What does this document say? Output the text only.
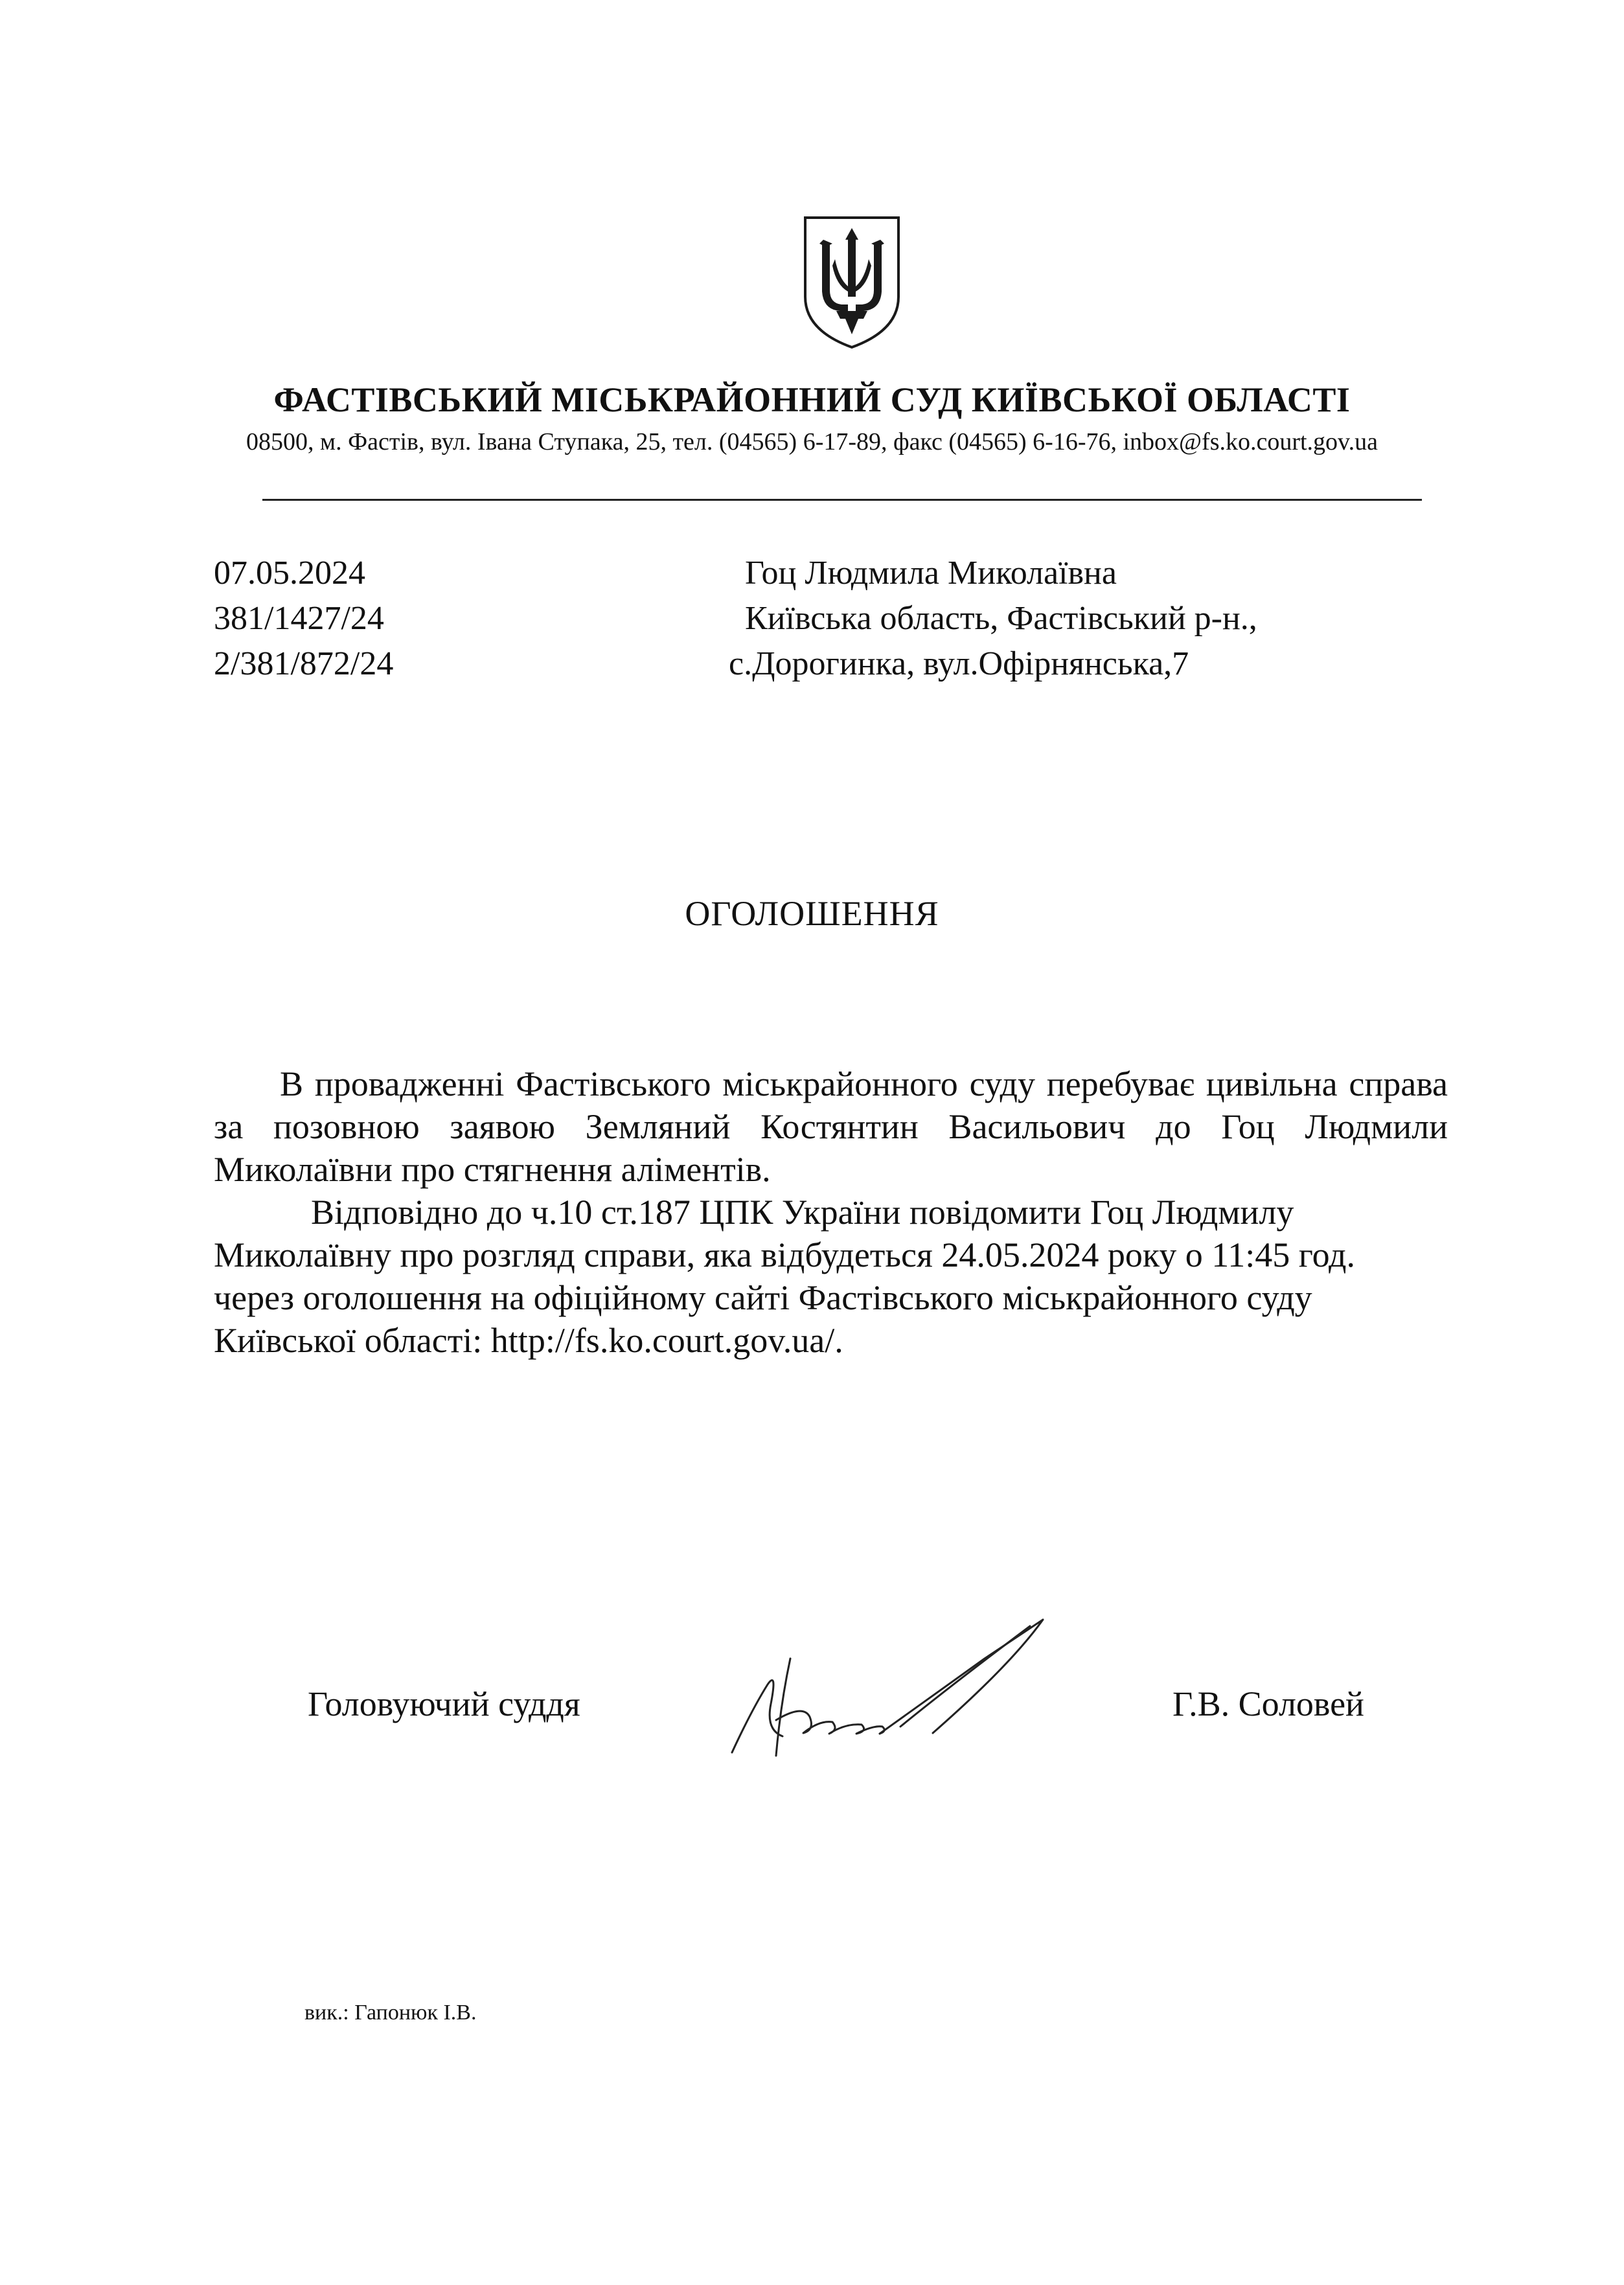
ФАСТІВСЬКИЙ МІСЬКРАЙОННИЙ СУД КИЇВСЬКОЇ ОБЛАСТІ
08500, м. Фастів, вул. Івана Ступака, 25, тел. (04565) 6-17-89, факс (04565) 6-16-76, inbox@fs.ko.court.gov.ua
07.05.2024
381/1427/24
2/381/872/24
Гоц Людмила Миколаївна
Київська область, Фастівський р-н.,
с.Дорогинка, вул.Офірнянська,7
ОГОЛОШЕННЯ
В провадженні Фастівського міськрайонного суду перебуває цивільна справа за позовною заявою Земляний Костянтин Васильович до Гоц Людмили Миколаївни про стягнення аліментів.
Відповідно до ч.10 ст.187 ЦПК України повідомити Гоц Людмилу
Миколаївну про розгляд справи, яка відбудеться 24.05.2024 року о 11:45 год.
через оголошення на офіційному сайті Фастівського міськрайонного суду
Київської області: http://fs.ko.court.gov.ua/.
Головуючий суддя	Г.В. Соловей
вик.: Гапонюк І.В.
